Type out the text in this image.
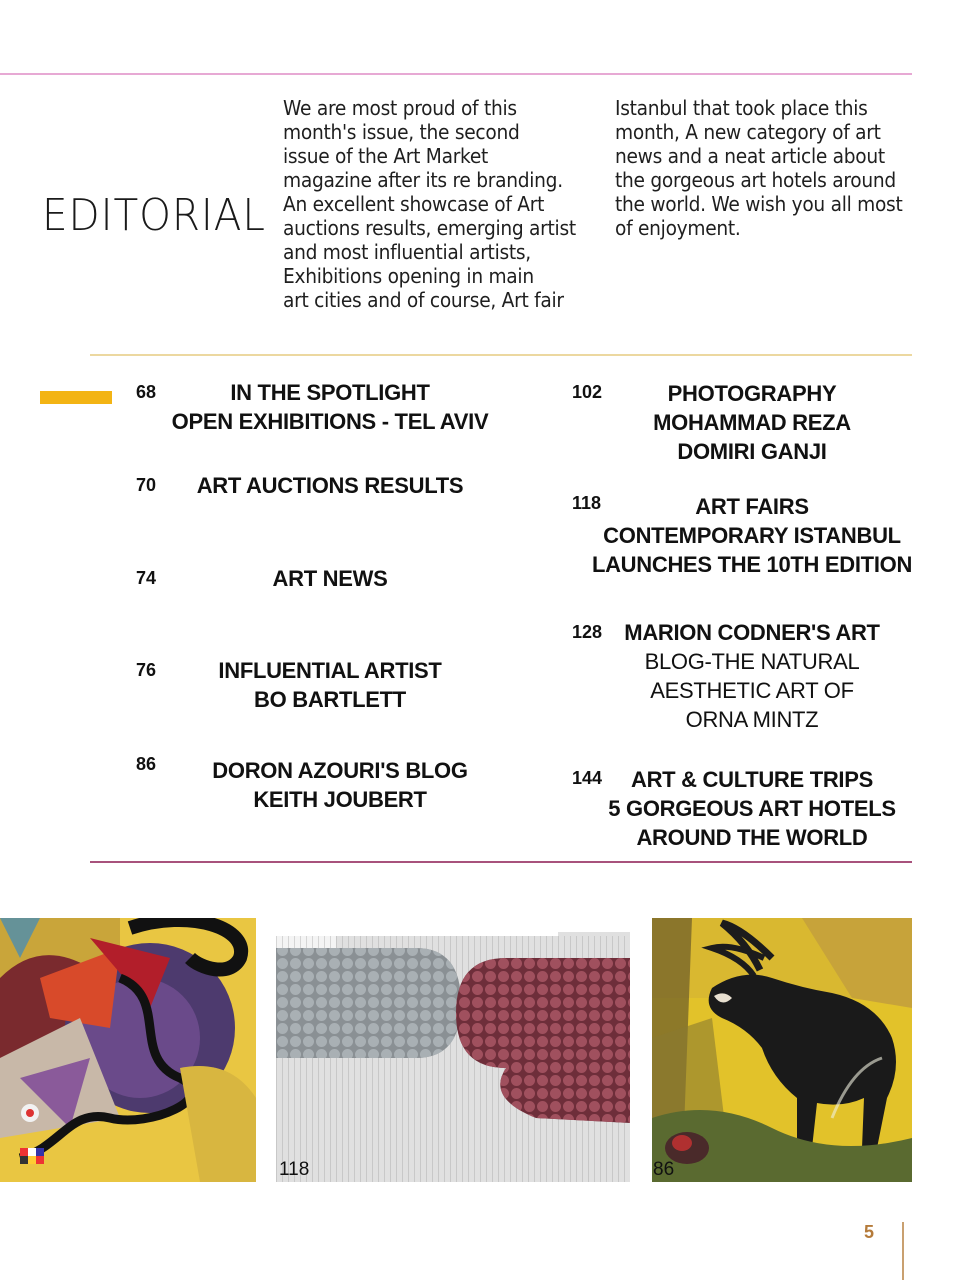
EDITORIAL

We are most proud of this
month's issue, the second
issue of the Art Market
magazine after its re branding.
An excellent showcase of Art
auctions results, emerging artist
and most influential artists,
Exhibitions opening in main
art cities and of course, Art fair

Istanbul that took place this
month, A new category of art
news and a neat article about
the gorgeous art hotels around
the world. We wish you all most
of enjoyment.

68	IN THE SPOTLIGHT
OPEN EXHIBITIONS - TEL AVIV
70	ART AUCTIONS RESULTS
74	ART NEWS
76	INFLUENTIAL ARTIST
BO BARTLETT
86	DORON AZOURI'S BLOG
KEITH JOUBERT
102	PHOTOGRAPHY
MOHAMMAD REZA
DOMIRI GANJI
118	ART FAIRS
CONTEMPORARY ISTANBUL
LAUNCHES THE 10TH EDITION
128	MARION CODNER'S ART
BLOG-THE NATURAL
AESTHETIC ART OF
ORNA MINTZ
144	ART & CULTURE TRIPS
5 GORGEOUS ART HOTELS
AROUND THE WORLD
118	86
5
